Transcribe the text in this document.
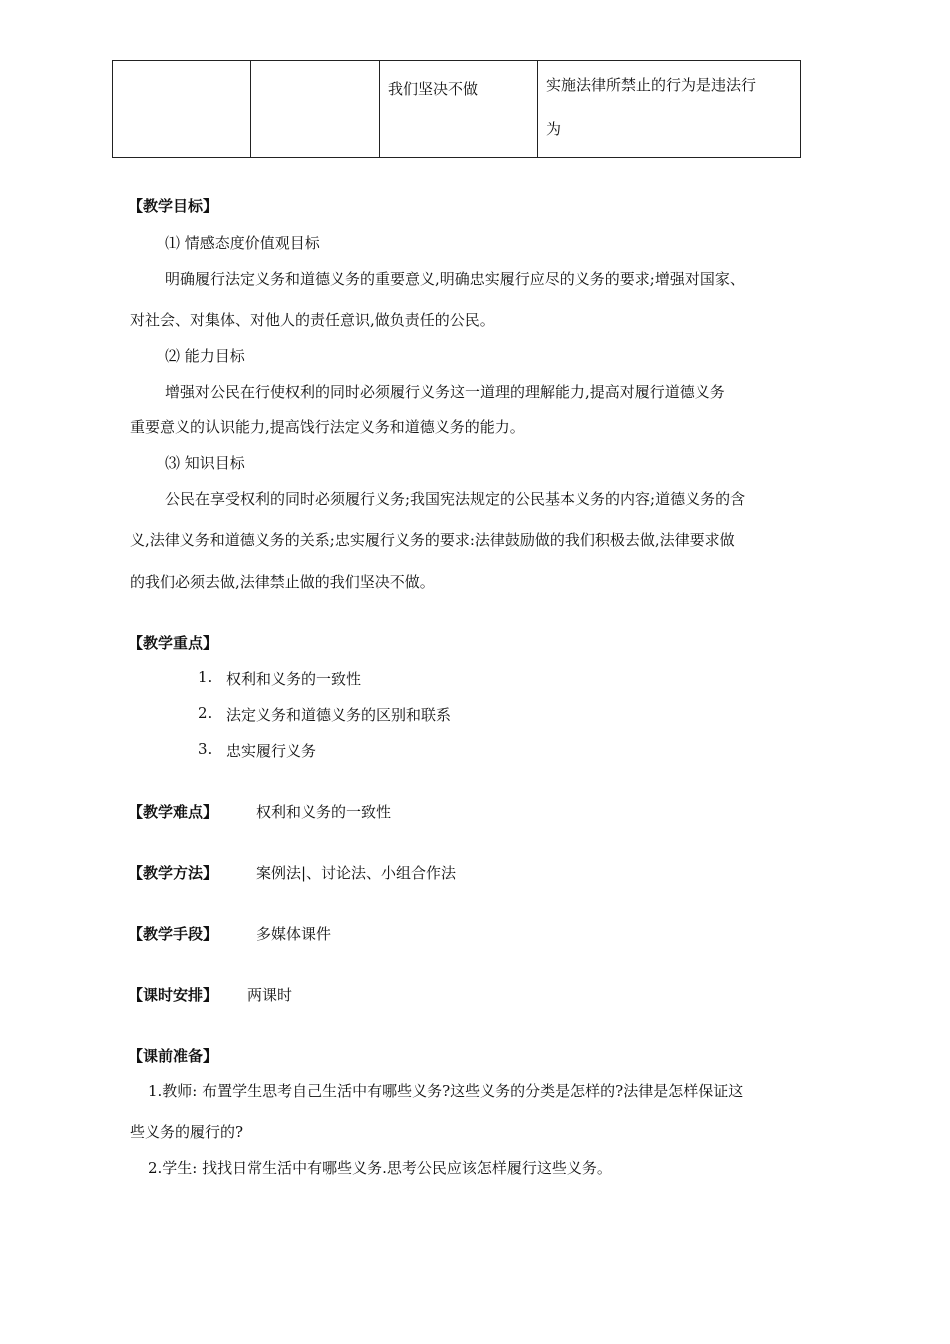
		我们坚决不做	实施法律所禁止的行为是违法行
为
【教学目标】
⑴ 情感态度价值观目标
明确履行法定义务和道德义务的重要意义,明确忠实履行应尽的义务的要求;增强对国家、
对社会、对集体、对他人的责任意识,做负责任的公民。
⑵ 能力目标
增强对公民在行使权利的同时必须履行义务这一道理的理解能力,提高对履行道德义务
重要意义的认识能力,提高饯行法定义务和道德义务的能力。
⑶ 知识目标
公民在享受权利的同时必须履行义务;我国宪法规定的公民基本义务的内容;道德义务的含
义,法律义务和道德义务的关系;忠实履行义务的要求:法律鼓励做的我们积极去做,法律要求做
的我们必须去做,法律禁止做的我们坚决不做。
【教学重点】
1. 权利和义务的一致性
2. 法定义务和道德义务的区别和联系
3. 忠实履行义务
【教学难点】	权利和义务的一致性
【教学方法】	案例法|、讨论法、小组合作法
【教学手段】	多媒体课件
【课时安排】 两课时
【课前准备】
1.教师: 布置学生思考自己生活中有哪些义务?这些义务的分类是怎样的?法律是怎样保证这
些义务的履行的?
2.学生: 找找日常生活中有哪些义务.思考公民应该怎样履行这些义务。
